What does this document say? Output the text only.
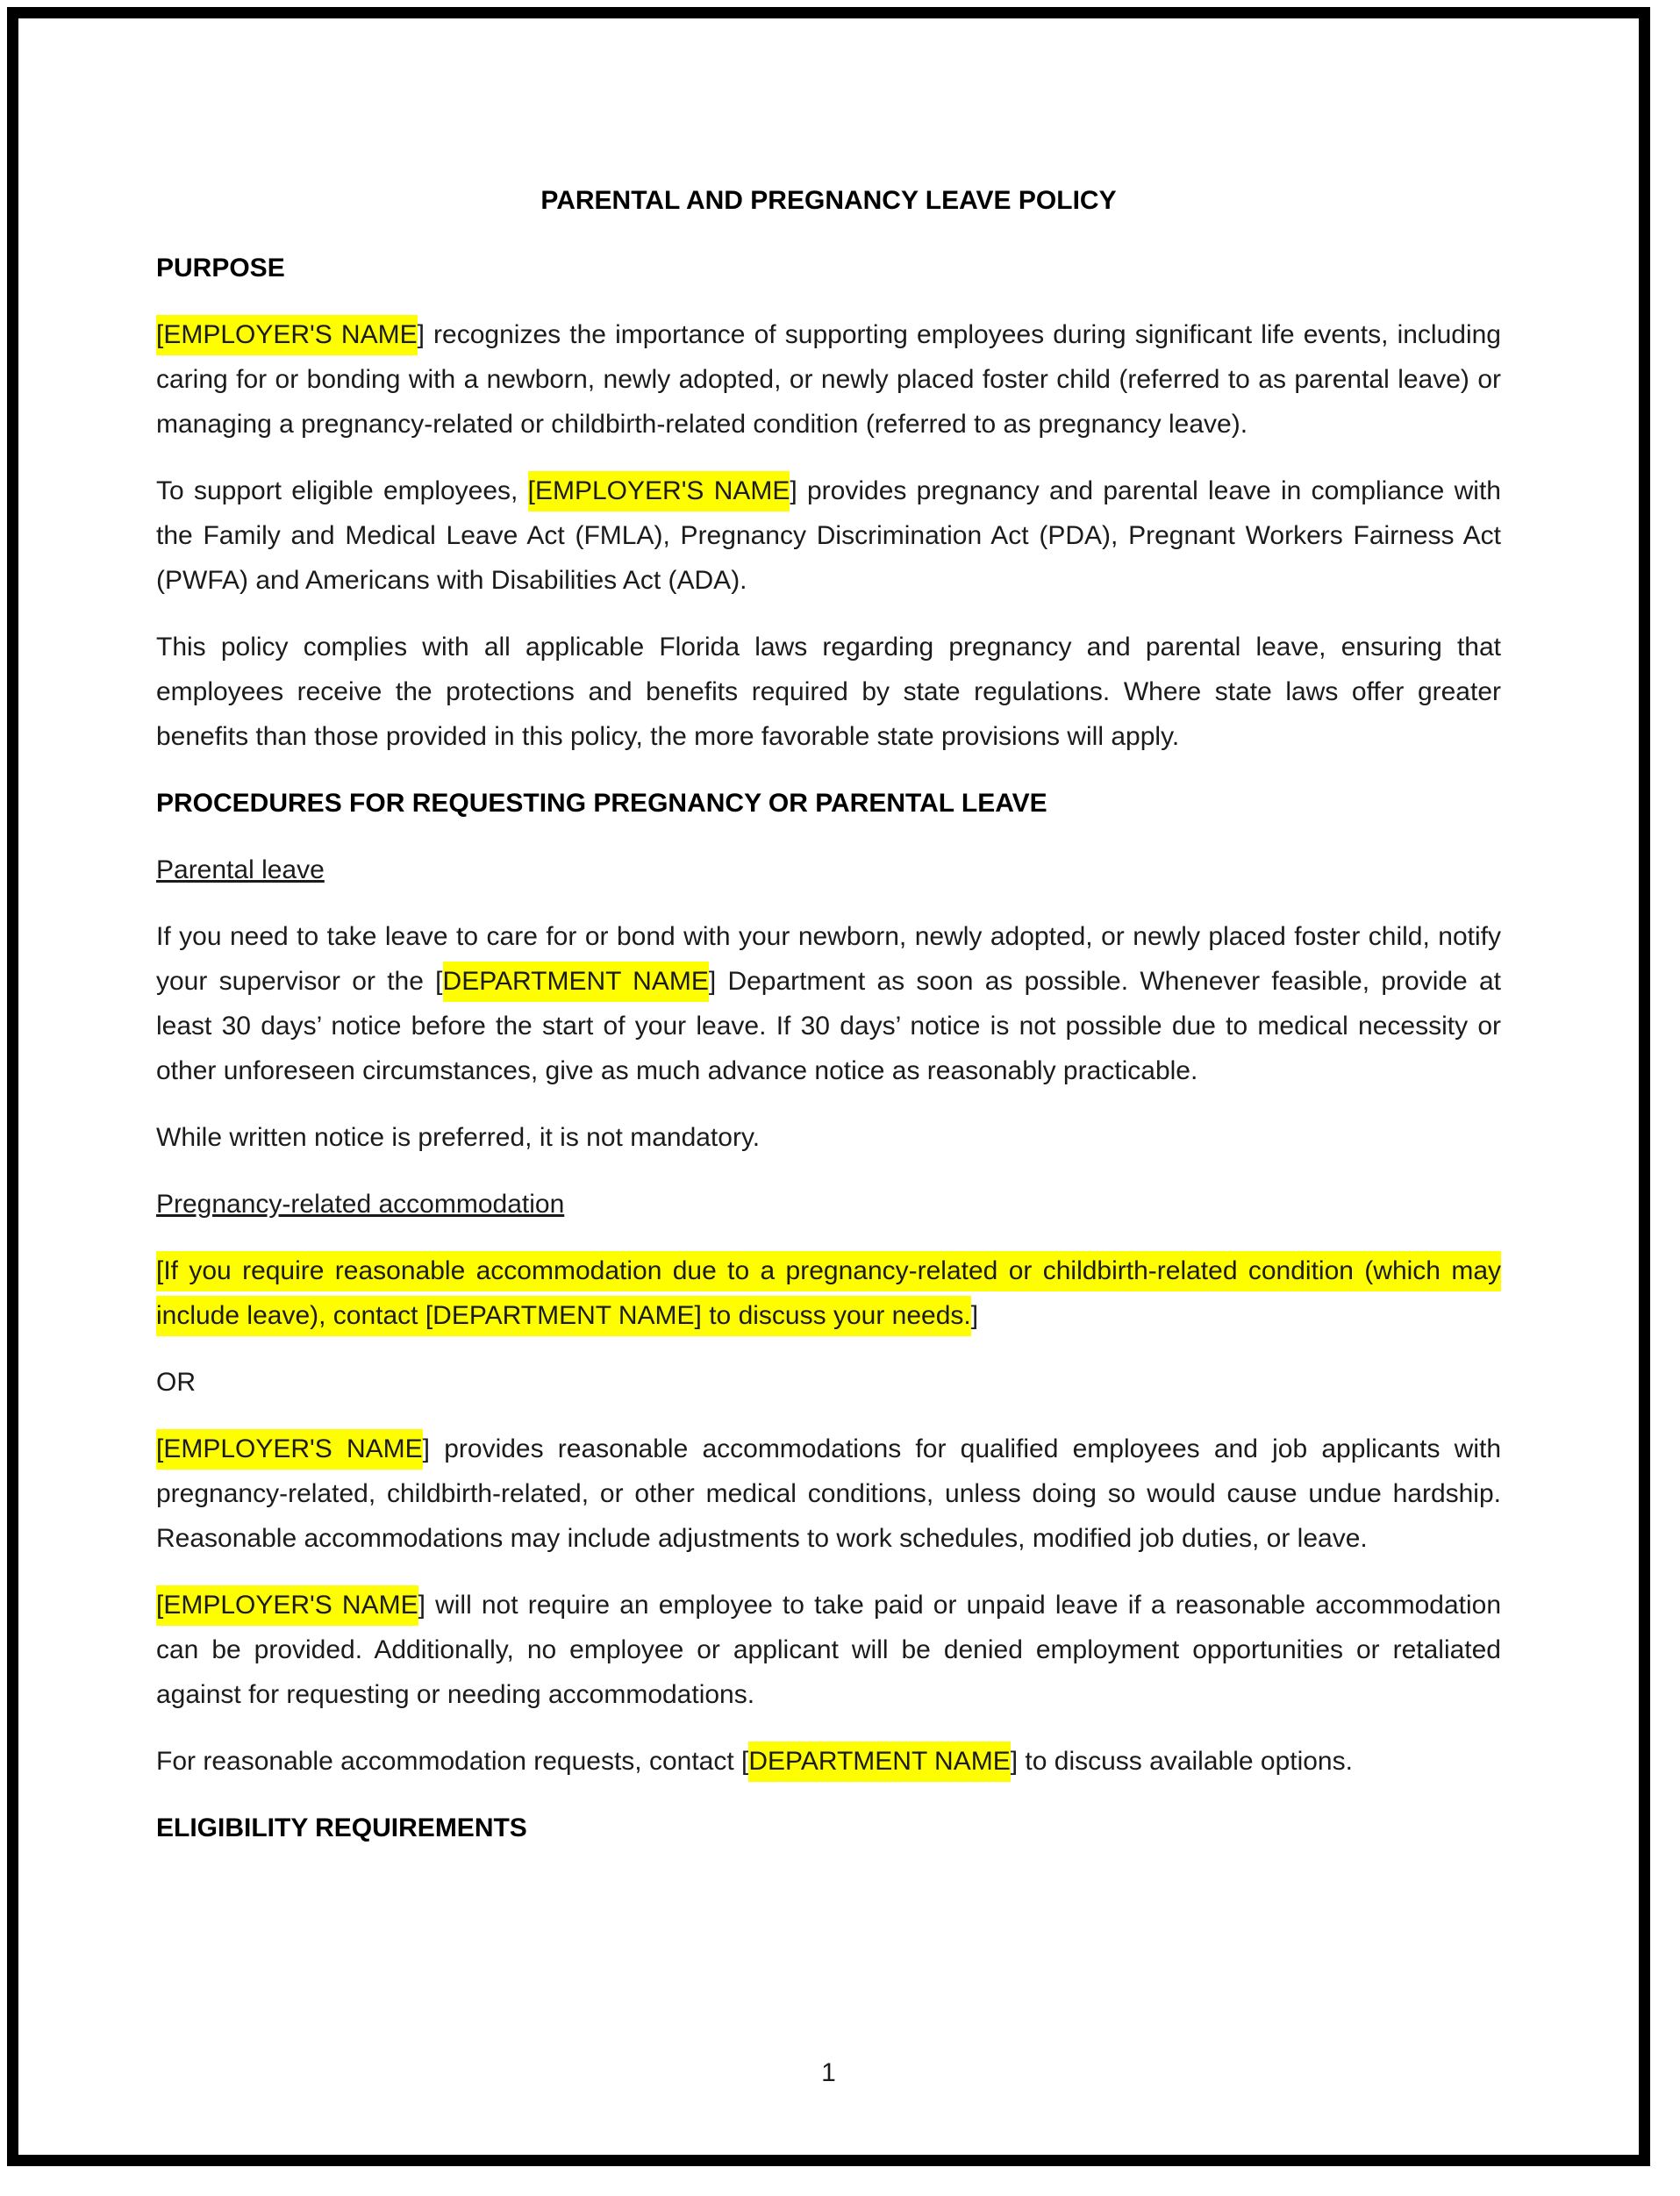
PARENTAL AND PREGNANCY LEAVE POLICY
PURPOSE
[EMPLOYER'S NAME] recognizes the importance of supporting employees during significant life events, including caring for or bonding with a newborn, newly adopted, or newly placed foster child (referred to as parental leave) or managing a pregnancy-related or childbirth-related condition (referred to as pregnancy leave).
To support eligible employees, [EMPLOYER'S NAME] provides pregnancy and parental leave in compliance with the Family and Medical Leave Act (FMLA), Pregnancy Discrimination Act (PDA), Pregnant Workers Fairness Act (PWFA) and Americans with Disabilities Act (ADA).
This policy complies with all applicable Florida laws regarding pregnancy and parental leave, ensuring that employees receive the protections and benefits required by state regulations. Where state laws offer greater benefits than those provided in this policy, the more favorable state provisions will apply.
PROCEDURES FOR REQUESTING PREGNANCY OR PARENTAL LEAVE
Parental leave
If you need to take leave to care for or bond with your newborn, newly adopted, or newly placed foster child, notify your supervisor or the [DEPARTMENT NAME] Department as soon as possible. Whenever feasible, provide at least 30 days’ notice before the start of your leave. If 30 days’ notice is not possible due to medical necessity or other unforeseen circumstances, give as much advance notice as reasonably practicable.
While written notice is preferred, it is not mandatory.
Pregnancy-related accommodation
[If you require reasonable accommodation due to a pregnancy-related or childbirth-related condition (which may include leave), contact [DEPARTMENT NAME] to discuss your needs.]
OR
[EMPLOYER'S NAME] provides reasonable accommodations for qualified employees and job applicants with pregnancy-related, childbirth-related, or other medical conditions, unless doing so would cause undue hardship. Reasonable accommodations may include adjustments to work schedules, modified job duties, or leave.
[EMPLOYER'S NAME] will not require an employee to take paid or unpaid leave if a reasonable accommodation can be provided. Additionally, no employee or applicant will be denied employment opportunities or retaliated against for requesting or needing accommodations.
For reasonable accommodation requests, contact [DEPARTMENT NAME] to discuss available options.
ELIGIBILITY REQUIREMENTS
1
